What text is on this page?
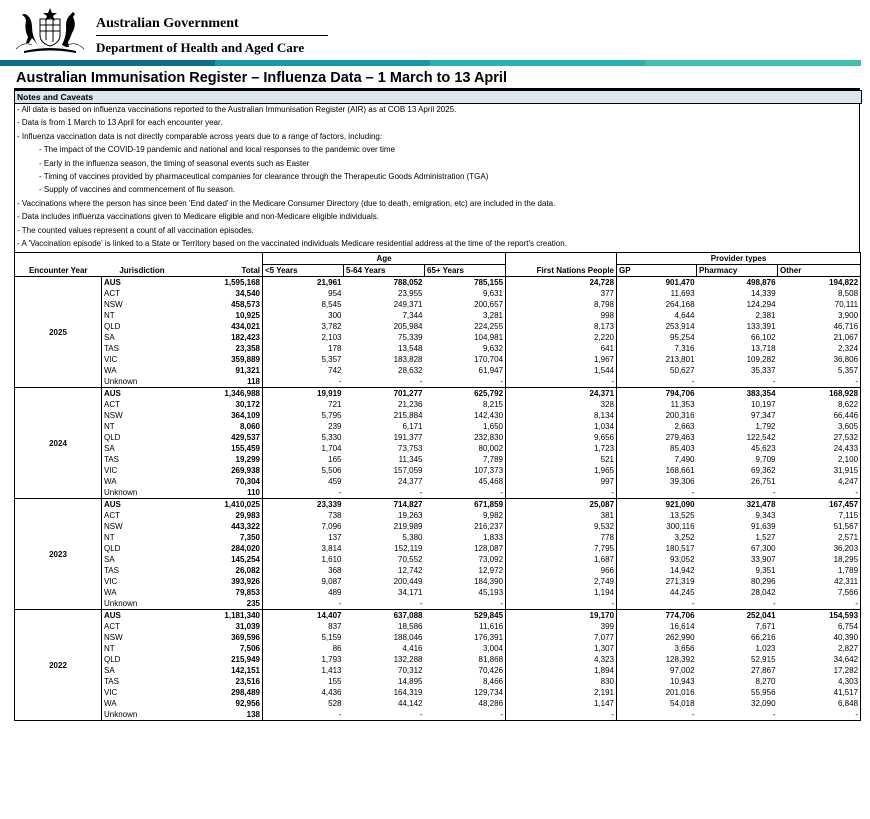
Australian Government
Department of Health and Aged Care
Australian Immunisation Register – Influenza Data – 1 March to 13 April
Notes and Caveats
- All data is based on influenza vaccinations reported to the Australian Immunisation Register (AIR) as at COB 13 April 2025.
- Data is from 1 March to 13 April for each encounter year.
- Influenza vaccination data is not directly comparable across years due to a range of factors, including:
- The impact of the COVID-19 pandemic and national and local responses to the pandemic over time
- Early in the influenza season, the timing of seasonal events such as Easter
- Timing of vaccines provided by pharmaceutical companies for clearance through the Therapeutic Goods Administration (TGA)
- Supply of vaccines and commencement of flu season.
- Vaccinations where the person has since been 'End dated' in the Medicare Consumer Directory (due to death, emigration, etc) are included in the data.
- Data includes influenza vaccinations given to Medicare eligible and non-Medicare eligible individuals.
- The counted values represent a count of all vaccination episodes.
- A 'Vaccination episode' is linked to a State or Territory based on the vaccinated individuals Medicare residential address at the time of the report's creation.
			Age				Provider types		
Encounter Year	Jurisdiction	Total	<5 Years	5-64 Years	65+ Years	First Nations People	GP	Pharmacy	Other
2025	AUS	1,595,168	21,961	788,052	785,155	24,728	901,470	498,876	194,822
	ACT	34,540	954	23,955	9,631	377	11,693	14,339	8,508
	NSW	458,573	8,545	249,371	200,657	8,798	264,168	124,294	70,111
	NT	10,925	300	7,344	3,281	998	4,644	2,381	3,900
	QLD	434,021	3,782	205,984	224,255	8,173	253,914	133,391	46,716
	SA	182,423	2,103	75,339	104,981	2,220	95,254	66,102	21,067
	TAS	23,358	178	13,548	9,632	641	7,316	13,718	2,324
	VIC	359,889	5,357	183,828	170,704	1,967	213,801	109,282	36,806
	WA	91,321	742	28,632	61,947	1,544	50,627	35,337	5,357
	Unknown	118	-	-	-	-	-	-	-
2024	AUS	1,346,988	19,919	701,277	625,792	24,371	794,706	383,354	168,928
	ACT	30,172	721	21,236	8,215	328	11,353	10,197	8,622
	NSW	364,109	5,795	215,884	142,430	8,134	200,316	97,347	66,446
	NT	8,060	239	6,171	1,650	1,034	2,663	1,792	3,605
	QLD	429,537	5,330	191,377	232,830	9,656	279,463	122,542	27,532
	SA	155,459	1,704	73,753	80,002	1,723	85,403	45,623	24,433
	TAS	19,299	165	11,345	7,789	521	7,490	9,709	2,100
	VIC	269,938	5,506	157,059	107,373	1,965	168,661	69,362	31,915
	WA	70,304	459	24,377	45,468	997	39,306	26,751	4,247
	Unknown	110	-	-	-	-	-	-	-
2023	AUS	1,410,025	23,339	714,827	671,859	25,087	921,090	321,478	167,457
	ACT	29,983	738	19,263	9,982	381	13,525	9,343	7,115
	NSW	443,322	7,096	219,989	216,237	9,532	300,116	91,639	51,567
	NT	7,350	137	5,380	1,833	778	3,252	1,527	2,571
	QLD	284,020	3,814	152,119	128,087	7,795	180,517	67,300	36,203
	SA	145,254	1,610	70,552	73,092	1,687	93,052	33,907	18,295
	TAS	26,082	368	12,742	12,972	966	14,942	9,351	1,789
	VIC	393,926	9,087	200,449	184,390	2,749	271,319	80,296	42,311
	WA	79,853	489	34,171	45,193	1,194	44,245	28,042	7,566
	Unknown	235	-	-	-	-	-	-	-
2022	AUS	1,181,340	14,407	637,088	529,845	19,170	774,706	252,041	154,593
	ACT	31,039	837	18,586	11,616	399	16,614	7,671	6,754
	NSW	369,596	5,159	188,046	176,391	7,077	262,990	66,216	40,390
	NT	7,506	86	4,416	3,004	1,307	3,656	1,023	2,827
	QLD	215,949	1,793	132,288	81,868	4,323	128,392	52,915	34,642
	SA	142,151	1,413	70,312	70,426	1,894	97,002	27,867	17,282
	TAS	23,516	155	14,895	8,466	830	10,943	8,270	4,303
	VIC	298,489	4,436	164,319	129,734	2,191	201,016	55,956	41,517
	WA	92,956	528	44,142	48,286	1,147	54,018	32,090	6,848
	Unknown	138	-	-	-	-	-	-	-
